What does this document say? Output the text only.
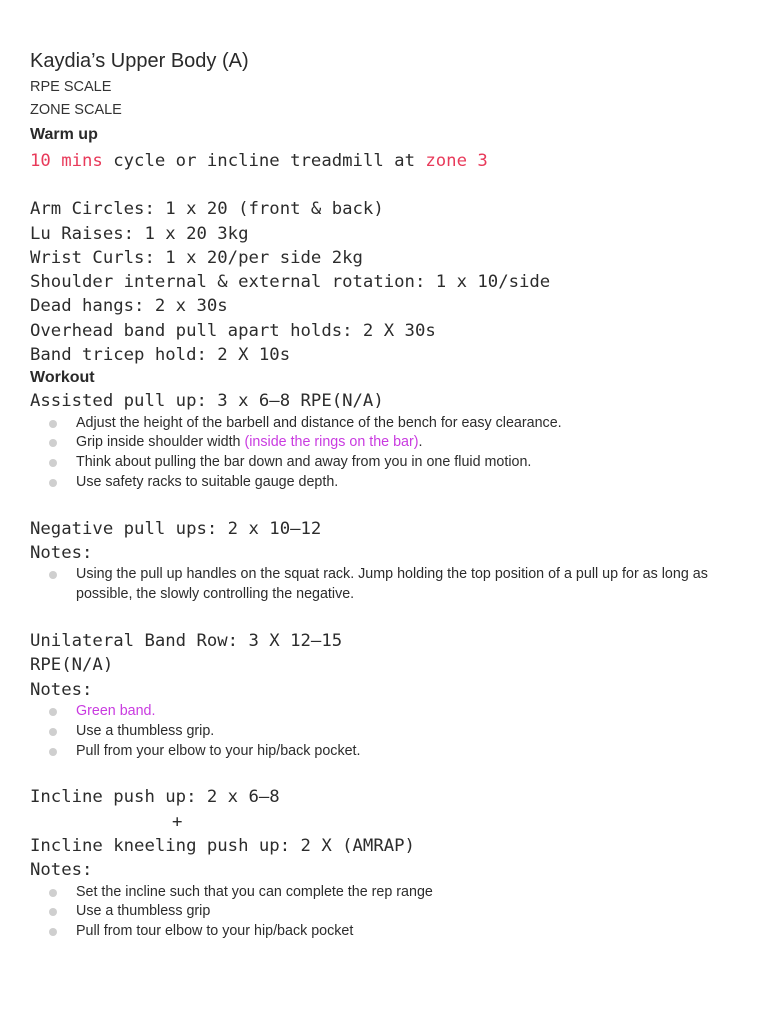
Kaydia’s Upper Body (A)

RPE SCALE

ZONE SCALE

Warm up

10 mins cycle or incline treadmill at zone 3

Arm Circles: 1 x 20 (front & back)

Lu Raises: 1 x 20 3kg

Wrist Curls: 1 x 20/per side 2kg

Shoulder internal & external rotation: 1 x 10/side

Dead hangs: 2 x 30s

Overhead band pull apart holds: 2 X 30s

Band tricep hold: 2 X 10s

Workout

Assisted pull up: 3 x 6–8 RPE(N/A)

Adjust the height of the barbell and distance of the bench for easy clearance.
Grip inside shoulder width (inside the rings on the bar).
Think about pulling the bar down and away from you in one fluid motion.
Use safety racks to suitable gauge depth.

Negative pull ups: 2 x 10–12

Notes:

Using the pull up handles on the squat rack. Jump holding the top position of a pull up for as long as possible, the slowly controlling the negative.

Unilateral Band Row: 3 X 12–15

RPE(N/A)

Notes:

Green band.
Use a thumbless grip.
Pull from your elbow to your hip/back pocket.

Incline push up: 2 x 6–8

+

Incline kneeling push up: 2 X (AMRAP)

Notes:

Set the incline such that you can complete the rep range
Use a thumbless grip
Pull from tour elbow to your hip/back pocket
